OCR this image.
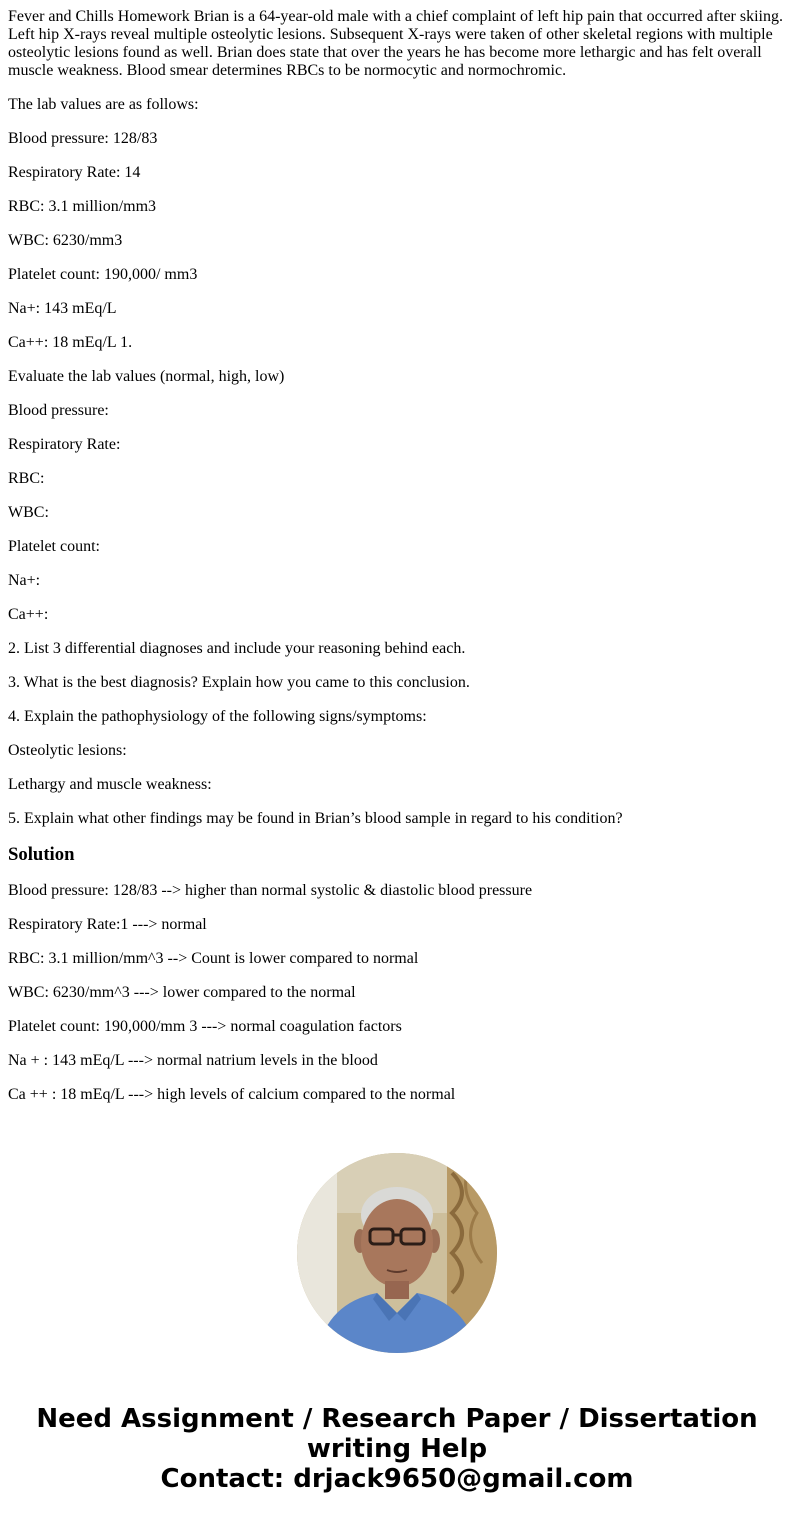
Fever and Chills Homework Brian is a 64-year-old male with a chief complaint of left hip pain that occurred after skiing. Left hip X-rays reveal multiple osteolytic lesions. Subsequent X-rays were taken of other skeletal regions with multiple osteolytic lesions found as well. Brian does state that over the years he has become more lethargic and has felt overall muscle weakness. Blood smear determines RBCs to be normocytic and normochromic.

The lab values are as follows:

Blood pressure: 128/83

Respiratory Rate: 14

RBC: 3.1 million/mm3

WBC: 6230/mm3

Platelet count: 190,000/ mm3

Na+: 143 mEq/L

Ca++: 18 mEq/L 1.

Evaluate the lab values (normal, high, low)

Blood pressure:

Respiratory Rate:

RBC:

WBC:

Platelet count:

Na+:

Ca++:

2. List 3 differential diagnoses and include your reasoning behind each.

3. What is the best diagnosis? Explain how you came to this conclusion.

4. Explain the pathophysiology of the following signs/symptoms:

Osteolytic lesions:

Lethargy and muscle weakness:

5. Explain what other findings may be found in Brian’s blood sample in regard to his condition?

Solution

Blood pressure: 128/83 --> higher than normal systolic & diastolic blood pressure

Respiratory Rate:1 ---> normal

RBC: 3.1 million/mm^3 --> Count is lower compared to normal

WBC: 6230/mm^3 ---> lower compared to the normal

Platelet count: 190,000/mm 3 ---> normal coagulation factors

Na + : 143 mEq/L ---> normal natrium levels in the blood

Ca ++ : 18 mEq/L ---> high levels of calcium compared to the normal

Need Assignment / Research Paper / Dissertation
writing Help
Contact: drjack9650@gmail.com
